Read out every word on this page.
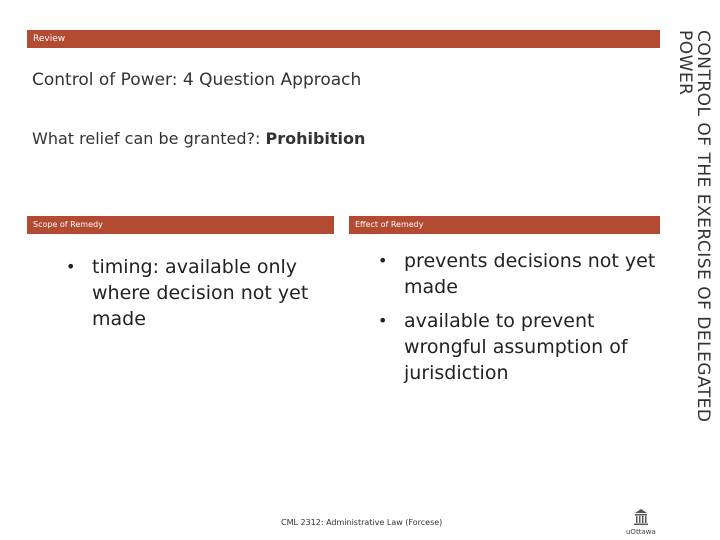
Review	CONTROL OF THE EXERCISE OF DELEGATED POWER
Control of Power: 4 Question Approach
What relief can be granted?: Prohibition
Scope of Remedy	Effect of Remedy
• timing: available only where decision not yet made
• prevents decisions not yet made
• available to prevent wrongful assumption of jurisdiction
CML 2312: Administrative Law (Forcese)
uOttawa
